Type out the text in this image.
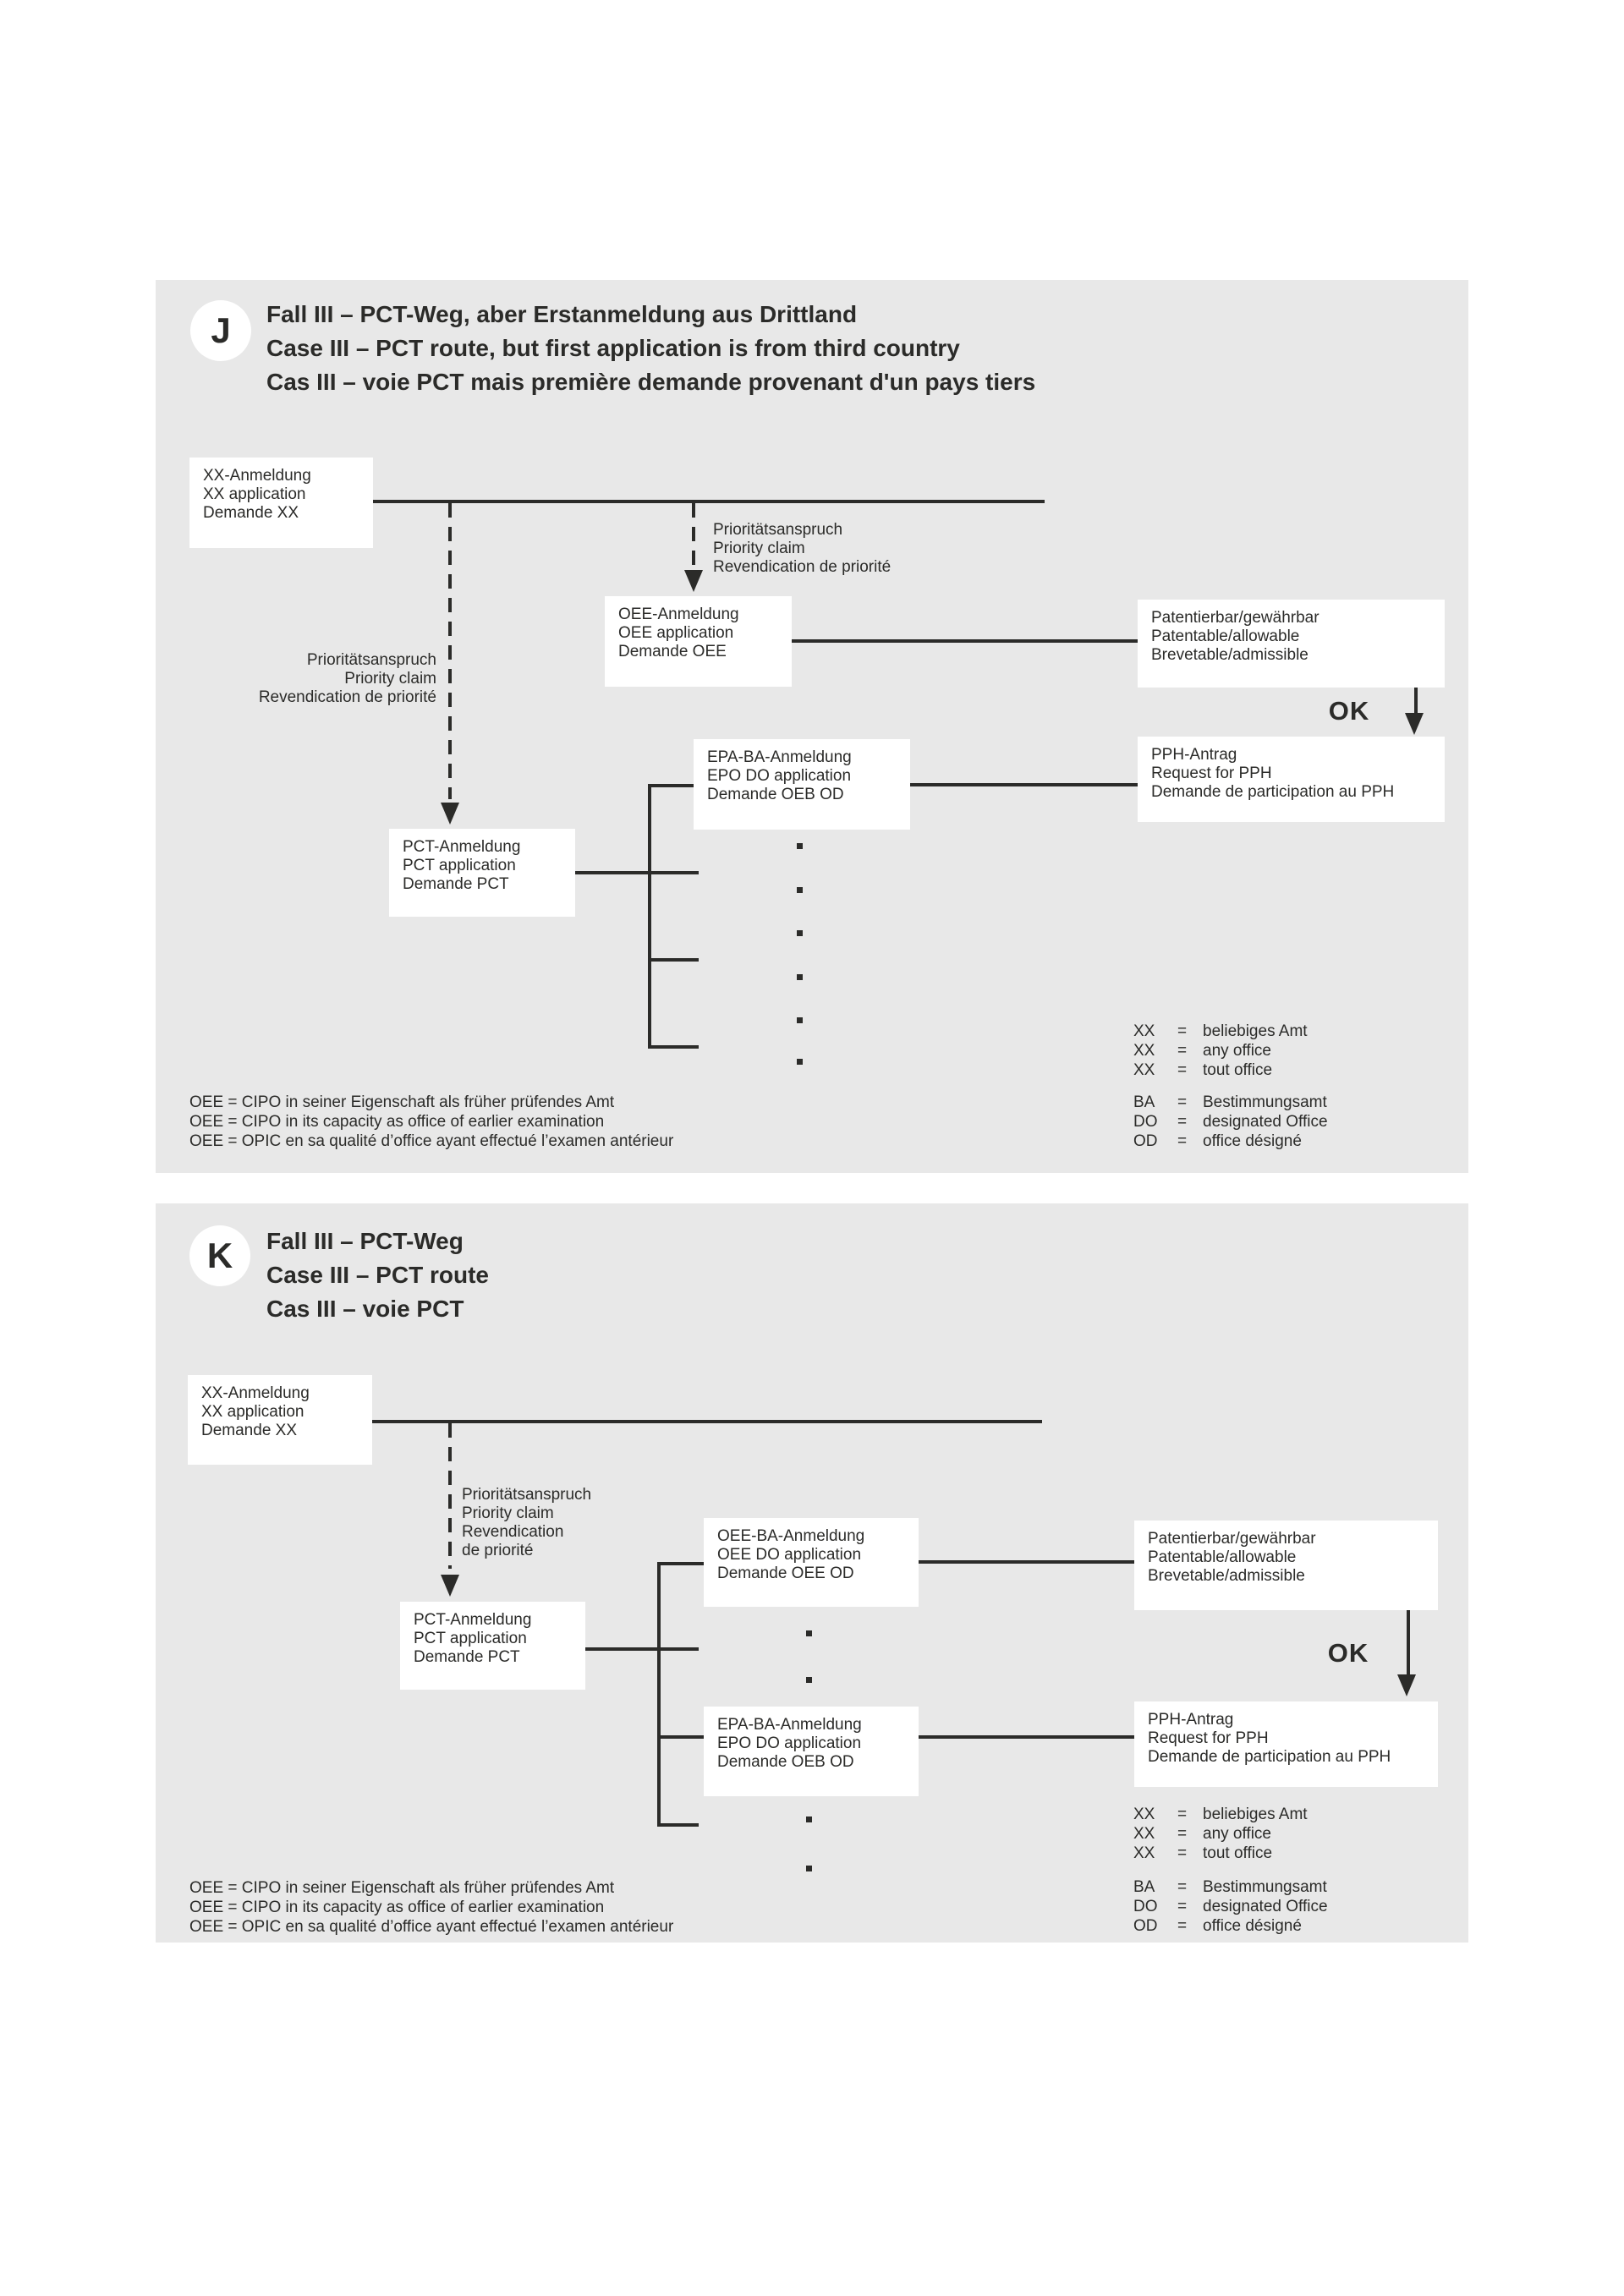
J Fall III – PCT-Weg, aber Erstanmeldung aus Drittland
Case III – PCT route, but first application is from third country
Cas III – voie PCT mais première demande provenant d'un pays tiers
XX-Anmeldung
XX application
Demande XX
Prioritätsanspruch
Priority claim
Revendication de priorité
Prioritätsanspruch
Priority claim
Revendication de priorité
OEE-Anmeldung
OEE application
Demande OEE
Patentierbar/gewährbar
Patentable/allowable
Brevetable/admissible
OK
PPH-Antrag
Request for PPH
Demande de participation au PPH
EPA-BA-Anmeldung
EPO DO application
Demande OEB OD
PCT-Anmeldung
PCT application
Demande PCT
OEE = CIPO in seiner Eigenschaft als früher prüfendes Amt
OEE = CIPO in its capacity as office of earlier examination
OEE = OPIC en sa qualité d’office ayant effectué l’examen antérieur
XX	= beliebiges Amt
XX	= any office
XX	= tout office
BA	= Bestimmungsamt
DO	= designated Office
OD	= office désigné
K Fall III – PCT-Weg
Case III – PCT route
Cas III – voie PCT
XX-Anmeldung
XX application
Demande XX
Prioritätsanspruch
Priority claim
Revendication
de priorité
PCT-Anmeldung
PCT application
Demande PCT
OEE-BA-Anmeldung
OEE DO application
Demande OEE OD
Patentierbar/gewährbar
Patentable/allowable
Brevetable/admissible
OK
EPA-BA-Anmeldung
EPO DO application
Demande OEB OD
PPH-Antrag
Request for PPH
Demande de participation au PPH
OEE = CIPO in seiner Eigenschaft als früher prüfendes Amt
OEE = CIPO in its capacity as office of earlier examination
OEE = OPIC en sa qualité d’office ayant effectué l’examen antérieur
XX	= beliebiges Amt
XX	= any office
XX	= tout office
BA	= Bestimmungsamt
DO	= designated Office
OD	= office désigné
